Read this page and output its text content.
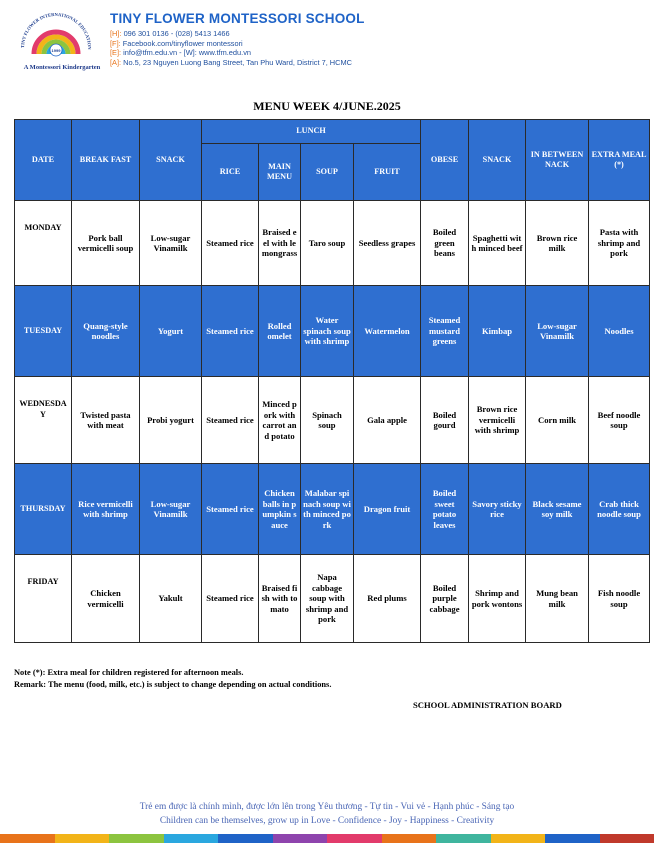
TINY FLOWER INTERNATIONAL EDUCATION
1999
A Montessori Kindergarten
TINY FLOWER MONTESSORI SCHOOL
[H]: 096 301 0136 - (028) 5413 1466
[F]: Facebook.com/tinyflower montessori
[E]: info@tfm.edu.vn - [W]: www.tfm.edu.vn
[A]: No.5, 23 Nguyen Luong Bang Street, Tan Phu Ward, District 7, HCMC
MENU WEEK 4/JUNE.2025
DATE	BREAK FAST	SNACK	LUNCH				OBESE	SNACK	IN BETWEEN NACK	EXTRA MEAL (*)
			RICE	MAIN MENU	SOUP	FRUIT				
MONDAY	Pork ball vermicelli soup	Low-sugar Vinamilk	Steamed rice	Braised eel with lemongrass	Taro soup	Seedless grapes	Boiled green beans	Spaghetti with minced beef	Brown rice milk	Pasta with shrimp and pork
TUESDAY	Quang-style noodles	Yogurt	Steamed rice	Rolled omelet	Water spinach soup with shrimp	Watermelon	Steamed mustard greens	Kimbap	Low-sugar Vinamilk	Noodles
WEDNESDAY	Twisted pasta with meat	Probi yogurt	Steamed rice	Minced pork with carrot and potato	Spinach soup	Gala apple	Boiled gourd	Brown rice vermicelli with shrimp	Corn milk	Beef noodle soup
THURSDAY	Rice vermicelli with shrimp	Low-sugar Vinamilk	Steamed rice	Chicken balls in pumpkin sauce	Malabar spinach soup with minced pork	Dragon fruit	Boiled sweet potato leaves	Savory sticky rice	Black sesame soy milk	Crab thick noodle soup
FRIDAY	Chicken vermicelli	Yakult	Steamed rice	Braised fish with tomato	Napa cabbage soup with shrimp and pork	Red plums	Boiled purple cabbage	Shrimp and pork wontons	Mung bean milk	Fish noodle soup
Note (*): Extra meal for children registered for afternoon meals.
Remark: The menu (food, milk, etc.) is subject to change depending on actual conditions.
SCHOOL ADMINISTRATION BOARD
Trẻ em được là chính mình, được lớn lên trong Yêu thương - Tự tin - Vui vẻ - Hạnh phúc - Sáng tạo
Children can be themselves, grow up in Love - Confidence - Joy - Happiness - Creativity
